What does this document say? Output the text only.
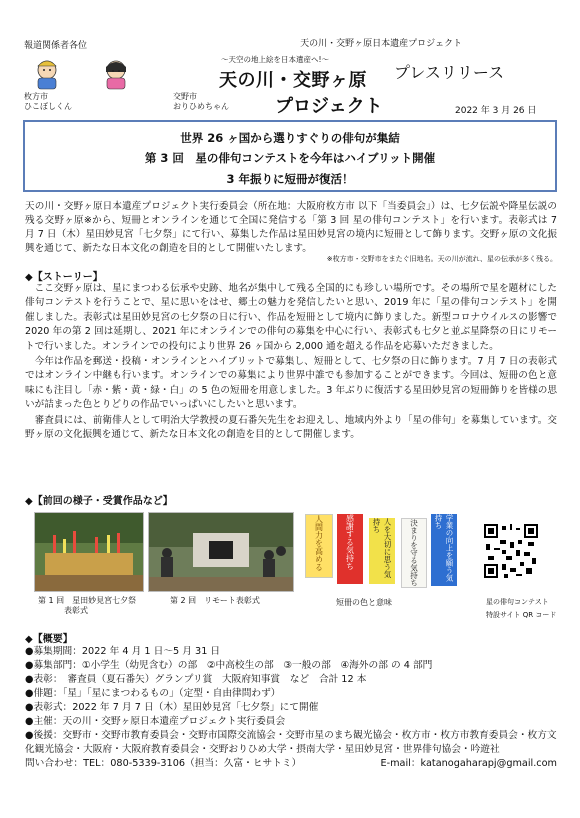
報道関係者各位	天の川・交野ヶ原日本遺産プロジェクト
枚方市
ひこぼしくん
交野市
おりひめちゃん
〜天空の地上絵を日本遺産へ!〜
天の川・交野ヶ原
プロジェクト
プレスリリース
2022 年 3 月 26 日
世界 26 ヶ国から選りすぐりの俳句が集結
第 3 回　星の俳句コンテストを今年はハイブリット開催
3 年振りに短冊が復活！
天の川・交野ヶ原日本遺産プロジェクト実行委員会（所在地：大阪府枚方市 以下「当委員会」）は、七夕伝説や降星伝説の残る交野ヶ原※から、短冊とオンラインを通じて全国に発信する「第 3 回 星の俳句コンテスト」を行います。表彰式は 7 月 7 日（木）星田妙見宮「七夕祭」にて行い、募集した作品は星田妙見宮の境内に短冊として飾ります。交野ヶ原の文化振興を通じて、新たな日本文化の創造を目的として開催いたします。
※枚方市・交野市をまたぐ旧地名。天の川が流れ、星の伝承が多く残る。
◆【ストーリー】

ここ交野ヶ原は、星にまつわる伝承や史跡、地名が集中して残る全国的にも珍しい場所です。その場所で星を題材にした俳句コンテストを行うことで、星に思いをはせ、郷土の魅力を発信したいと思い、2019 年に「星の俳句コンテスト」を開催しました。表彰式は星田妙見宮の七夕祭の日に行い、作品を短冊として境内に飾りました。新型コロナウイルスの影響で 2020 年の第 2 回は延期し、2021 年にオンラインでの俳句の募集を中心に行い、表彰式も七夕と並ぶ星降祭の日にリモートで行いました。オンラインでの投句により世界 26 ヶ国から 2,000 通を超える作品を応募いただきました。

今年は作品を郵送・投稿・オンラインとハイブリットで募集し、短冊として、七夕祭の日に飾ります。7 月 7 日の表彰式ではオンライン中継も行います。オンラインでの募集により世界中誰でも参加することができます。今回は、短冊の色と意味にも注目し「赤・紫・黄・緑・白」の 5 色の短冊を用意しました。3 年ぶりに復活する星田妙見宮の短冊飾りを皆様の思いが詰まった色とりどりの作品でいっぱいにしたいと思います。

審査員には、前衛俳人として明治大学教授の夏石番矢先生をお迎えし、地域内外より「星の俳句」を募集しています。交野ヶ原の文化振興を通じて、新たな日本文化の創造を目的として開催します。

◆【前回の様子・受賞作品など】
第 1 回　星田妙見宮七夕祭
表彰式
第 2 回　リモート表彰式
人間力を高める	感謝する気持ち	人を大切に思う気持ち	決まりを守る気持ち	学業の向上を願う気持ち
短冊の色と意味	星の俳句コンテスト
特設サイト QR コード
◆【概要】
●募集期間：2022 年 4 月 1 日〜5 月 31 日
●募集部門：①小学生（幼児含む）の部　②中高校生の部　③一般の部　④海外の部 の 4 部門
●表彰：　審査員（夏石番矢）グランプリ賞　大阪府知事賞　など　合計 12 本
●俳題：「星」「星にまつわるもの」（定型・自由律問わず）
●表彰式：2022 年 7 月 7 日（木）星田妙見宮「七夕祭」にて開催
●主催：天の川・交野ヶ原日本遺産プロジェクト実行委員会
●後援：交野市・交野市教育委員会・交野市国際交流協会・交野市星のまち観光協会・枚方市・枚方市教育委員会・枚方文化観光協会・大阪府・大阪府教育委員会・交野おりひめ大学・摂南大学・星田妙見宮・世界俳句協会・吟遊社
問い合わせ：TEL：080-5339-3106（担当：久富・ヒサトミ）	E-mail：katanogaharapj@gmail.com
